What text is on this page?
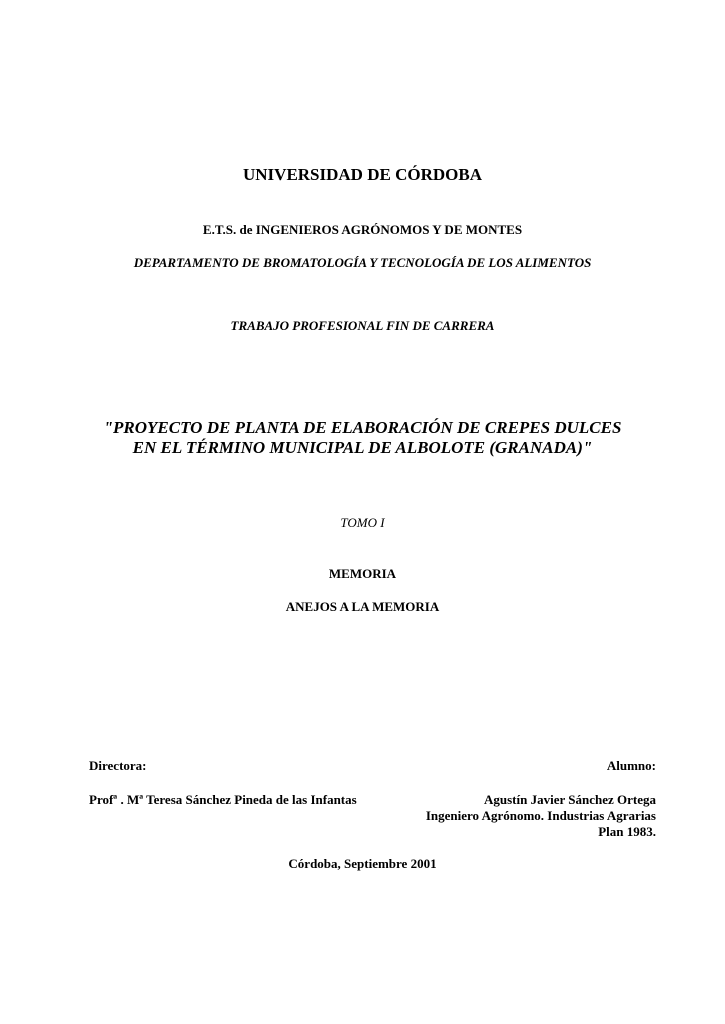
UNIVERSIDAD DE CÓRDOBA
E.T.S. de INGENIEROS AGRÓNOMOS Y DE MONTES
DEPARTAMENTO DE BROMATOLOGÍA Y TECNOLOGÍA DE LOS ALIMENTOS
TRABAJO PROFESIONAL FIN DE CARRERA
"PROYECTO DE PLANTA DE ELABORACIÓN DE CREPES DULCES
EN EL TÉRMINO MUNICIPAL DE ALBOLOTE (GRANADA)"
TOMO I
MEMORIA
ANEJOS A LA MEMORIA
Directora:
Profª . Mª Teresa Sánchez Pineda de las Infantas
Alumno:
Agustín Javier Sánchez Ortega
Ingeniero Agrónomo. Industrias Agrarias
Plan 1983.
Córdoba, Septiembre 2001
